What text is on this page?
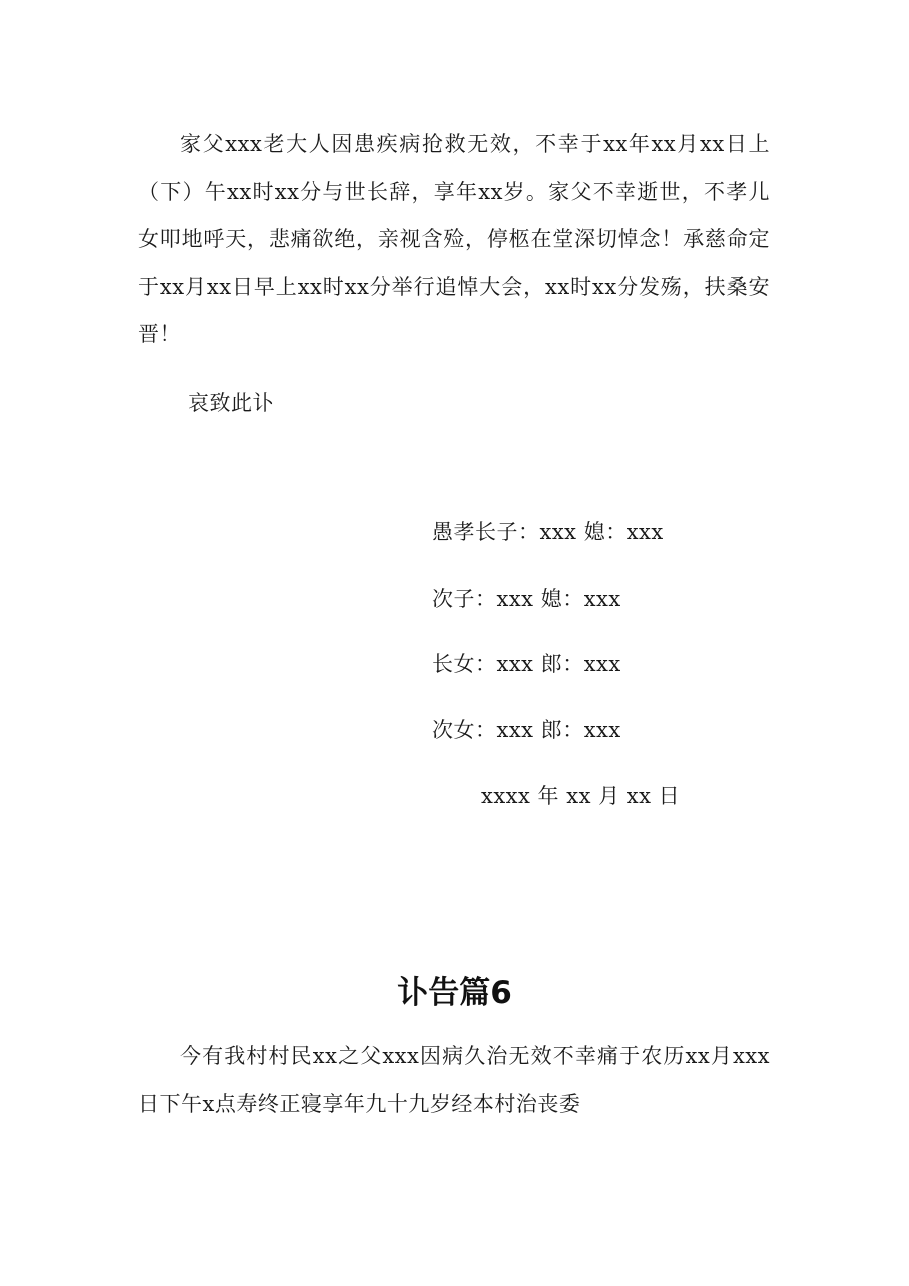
家父xxx老大人因患疾病抢救无效，不幸于xx年xx月xx日上（下）午xx时xx分与世长辞，享年xx岁。家父不幸逝世，不孝儿女叩地呼天，悲痛欲绝，亲视含殓，停柩在堂深切悼念！承慈命定于xx月xx日早上xx时xx分举行追悼大会，xx时xx分发殇，扶桑安晋！

哀致此讣

愚孝长子：xxx 媳：xxx

次子：xxx 媳：xxx

长女：xxx 郎：xxx

次女：xxx 郎：xxx

xxxx 年 xx 月 xx 日

讣告篇6

今有我村村民xx之父xxx因病久治无效不幸痛于农历xx月xxx日下午x点寿终正寝享年九十九岁经本村治丧委
